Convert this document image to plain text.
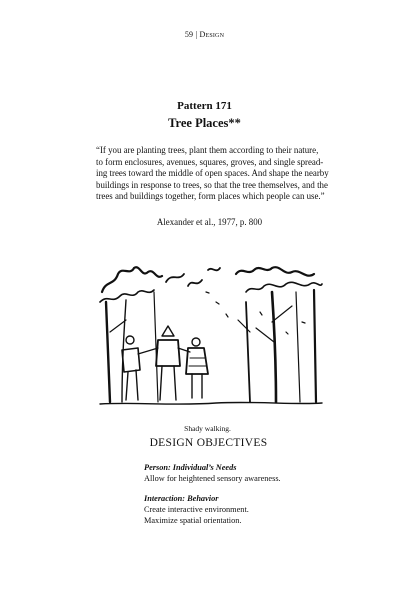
59 | Design
Pattern 171
Tree Places**
“If you are planting trees, plant them according to their nature,
to form enclosures, avenues, squares, groves, and single spread-
ing trees toward the middle of open spaces. And shape the nearby
buildings in response to trees, so that the tree themselves, and the
trees and buildings together, form places which people can use.”
Alexander et al., 1977, p. 800
Shady walking.
DESIGN OBJECTIVES
Person: Individual’s Needs
Allow for heightened sensory awareness.
Interaction: Behavior
Create interactive environment.
Maximize spatial orientation.
